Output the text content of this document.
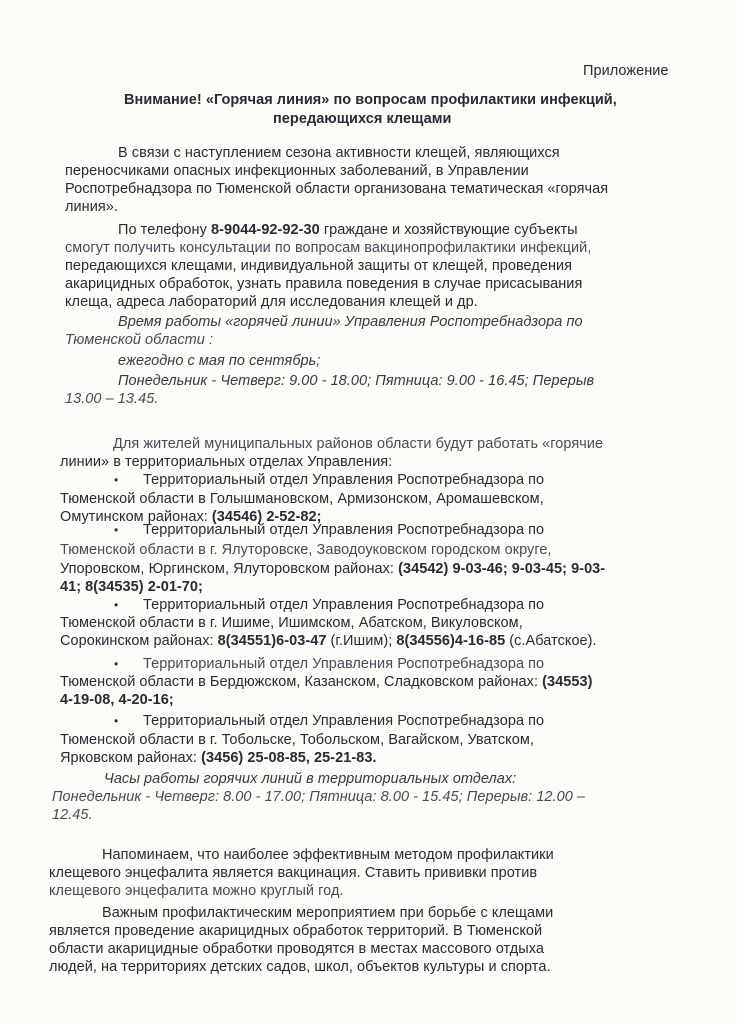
Приложение
Внимание! «Горячая линия» по вопросам профилактики инфекций,
передающихся клещами
В связи с наступлением сезона активности клещей, являющихся
переносчиками опасных инфекционных заболеваний, в Управлении
Роспотребнадзора по Тюменской области организована тематическая «горячая
линия».
По телефону 8-9044-92-92-30 граждане и хозяйствующие субъекты
смогут получить консультации по вопросам вакцинопрофилактики инфекций,
передающихся клещами, индивидуальной защиты от клещей, проведения
акарицидных обработок, узнать правила поведения в случае присасывания
клеща, адреса лабораторий для исследования клещей и др.
Время работы «горячей линии» Управления Роспотребнадзора по
Тюменской области :
ежегодно с мая по сентябрь;
Понедельник - Четверг: 9.00 - 18.00; Пятница: 9.00 - 16.45; Перерыв
13.00 – 13.45.
Для жителей муниципальных районов области будут работать «горячие
линии» в территориальных отделах Управления:
• Территориальный отдел Управления Роспотребнадзора по
Тюменской области в Голышмановском, Армизонском, Аромашевском,
Омутинском районах: (34546) 2-52-82;
• Территориальный отдел Управления Роспотребнадзора по
Тюменской области в г. Ялуторовске, Заводоуковском городском округе,
Упоровском, Юргинском, Ялуторовском районах: (34542) 9-03-46; 9-03-45; 9-03-
41; 8(34535) 2-01-70;
• Территориальный отдел Управления Роспотребнадзора по
Тюменской области в г. Ишиме, Ишимском, Абатском, Викуловском,
Сорокинском районах: 8(34551)6-03-47 (г.Ишим); 8(34556)4-16-85 (с.Абатское).
• Территориальный отдел Управления Роспотребнадзора по
Тюменской области в Бердюжском, Казанском, Сладковском районах: (34553)
4-19-08, 4-20-16;
• Территориальный отдел Управления Роспотребнадзора по
Тюменской области в г. Тобольске, Тобольском, Вагайском, Уватском,
Ярковском районах: (3456) 25-08-85, 25-21-83.
Часы работы горячих линий в территориальных отделах:
Понедельник - Четверг: 8.00 - 17.00; Пятница: 8.00 - 15.45; Перерыв: 12.00 –
12.45.
Напоминаем, что наиболее эффективным методом профилактики
клещевого энцефалита является вакцинация. Ставить прививки против
клещевого энцефалита можно круглый год.
Важным профилактическим мероприятием при борьбе с клещами
является проведение акарицидных обработок территорий. В Тюменской
области акарицидные обработки проводятся в местах массового отдыха
людей, на территориях детских садов, школ, объектов культуры и спорта.
